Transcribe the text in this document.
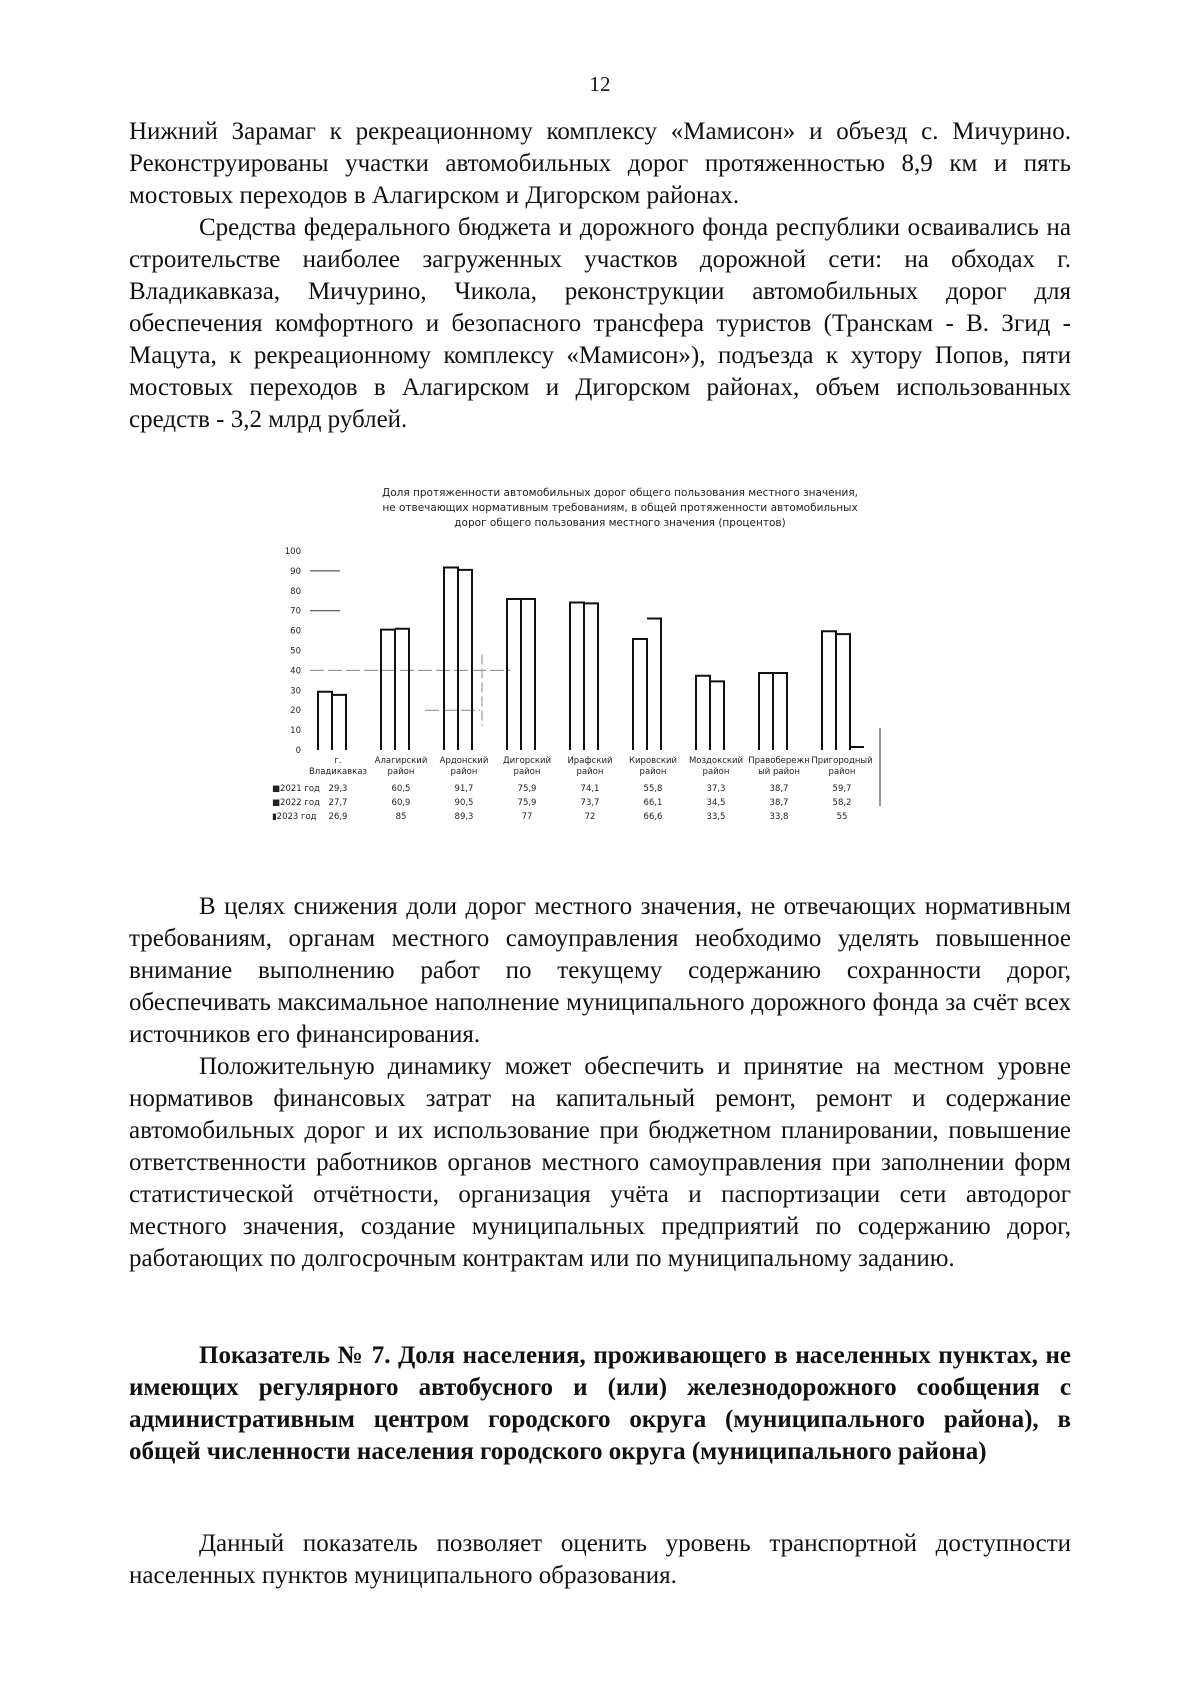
12

Нижний Зарамаг к рекреационному комплексу «Мамисон» и объезд с. Мичурино. Реконструированы участки автомобильных дорог протяженностью 8,9 км и пять мостовых переходов в Алагирском и Дигорском районах.

Средства федерального бюджета и дорожного фонда республики осваивались на строительстве наиболее загруженных участков дорожной сети: на обходах г. Владикавказа, Мичурино, Чикола, реконструкции автомобильных дорог для обеспечения комфортного и безопасного трансфера туристов (Транскам - В. Згид - Мацута, к рекреационному комплексу «Мамисон»), подъезда к хутору Попов, пяти мостовых переходов в Алагирском и Дигорском районах, объем использованных средств - 3,2 млрд рублей.

Доля протяженности автомобильных дорог общего пользования местного значения,
не отвечающих нормативным требованиям, в общей протяженности автомобильных
дорог общего пользования местного значения (процентов)
0
10
20
30
40
50
60
70
80
90
100
г.
Владикавказ
29,3
27,7
26,9
Алагирский
район
60,5
60,9
85
Ардонский
район
91,7
90,5
89,3
Дигорский
район
75,9
75,9
77
Ирафский
район
74,1
73,7
72
Кировский
район
55,8
66,1
66,6
Моздокский
район
37,3
34,5
33,5
Правобережн
ый район
38,7
38,7
33,8
Пригородный
район
59,7
58,2
55
■2021 год
■2022 год
▮2023 год

В целях снижения доли дорог местного значения, не отвечающих нормативным требованиям, органам местного самоуправления необходимо уделять повышенное внимание выполнению работ по текущему содержанию сохранности дорог, обеспечивать максимальное наполнение муниципального дорожного фонда за счёт всех источников его финансирования.

Положительную динамику может обеспечить и принятие на местном уровне нормативов финансовых затрат на капитальный ремонт, ремонт и содержание автомобильных дорог и их использование при бюджетном планировании, повышение ответственности работников органов местного самоуправления при заполнении форм статистической отчётности, организация учёта и паспортизации сети автодорог местного значения, создание муниципальных предприятий по содержанию дорог, работающих по долгосрочным контрактам или по муниципальному заданию.

Показатель № 7. Доля населения, проживающего в населенных пунктах, не имеющих регулярного автобусного и (или) железнодорожного сообщения с административным центром городского округа (муниципального района), в общей численности населения городского округа (муниципального района)

Данный показатель позволяет оценить уровень транспортной доступности населенных пунктов муниципального образования.
